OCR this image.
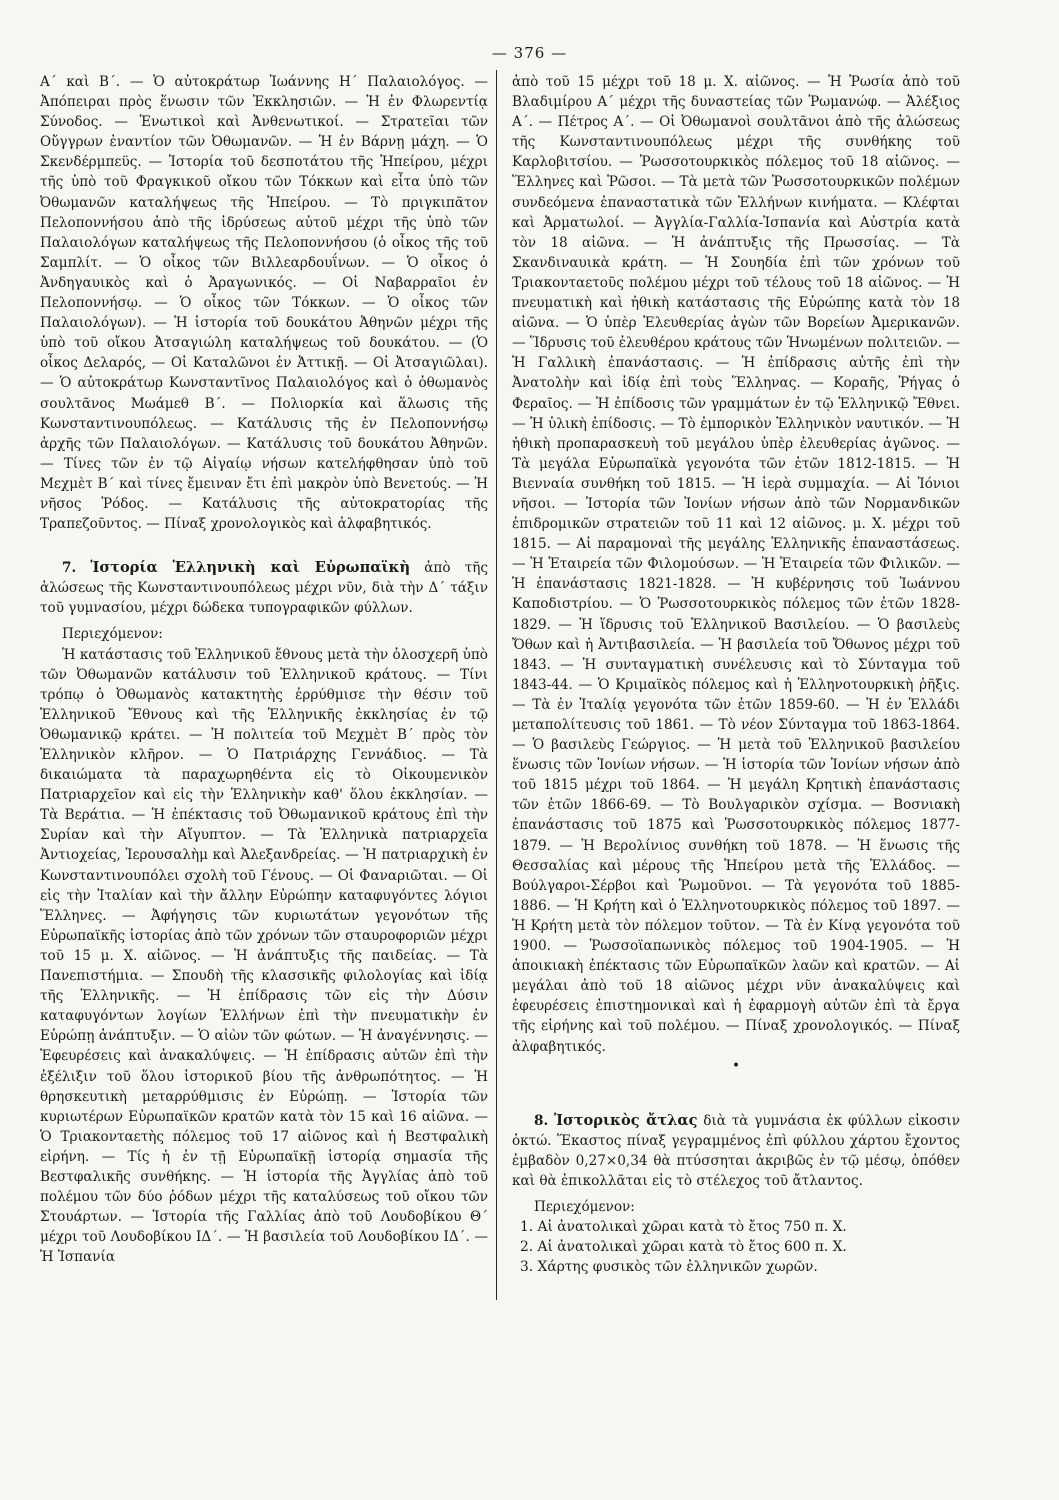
— 376 —

Α΄ καὶ Β΄. — Ὁ αὐτοκράτωρ Ἰωάννης Η΄ Παλαιολόγος. — Ἀπόπειραι πρὸς ἕνωσιν τῶν Ἐκκλησιῶν. — Ἡ ἐν Φλωρεντίᾳ Σύνοδος. — Ἑνωτικοὶ καὶ Ἀνθενωτικοί. — Στρατεῖαι τῶν Οὔγγρων ἐναντίον τῶν Ὀθωμανῶν. — Ἡ ἐν Βάρνῃ μάχη. — Ὁ Σκενδέρμπεϋς. — Ἱστορία τοῦ δεσποτάτου τῆς Ἠπείρου, μέχρι τῆς ὑπὸ τοῦ Φραγκικοῦ οἴκου τῶν Τόκκων καὶ εἶτα ὑπὸ τῶν Ὀθωμανῶν καταλήψεως τῆς Ἠπείρου. — Τὸ πριγκιπᾶτον Πελοποννήσου ἀπὸ τῆς ἱδρύσεως αὐτοῦ μέχρι τῆς ὑπὸ τῶν Παλαιολόγων καταλήψεως τῆς Πελοποννήσου (ὁ οἶκος τῆς τοῦ Σαμπλίτ. — Ὁ οἶκος τῶν Βιλλεαρδουΐνων. — Ὁ οἶκος ὁ Ἀνδηγαυικὸς καὶ ὁ Ἀραγωνικός. — Οἱ Ναβαρραῖοι ἐν Πελοποννήσῳ. — Ὁ οἶκος τῶν Τόκκων. — Ὁ οἶκος τῶν Παλαιολόγων). — Ἡ ἱστορία τοῦ δουκάτου Ἀθηνῶν μέχρι τῆς ὑπὸ τοῦ οἴκου Ἀτσαγιώλη καταλήψεως τοῦ δουκάτου. — (Ὁ οἶκος Δελαρός, — Οἱ Καταλῶνοι ἐν Ἀττικῇ. — Οἱ Ἀτσαγιῶλαι). — Ὁ αὐτοκράτωρ Κωνσταντῖνος Παλαιολόγος καὶ ὁ ὀθωμανὸς σουλτᾶνος Μωάμεθ Β΄. — Πολιορκία καὶ ἅλωσις τῆς Κωνσταντινουπόλεως. — Κατάλυσις τῆς ἐν Πελοποννήσῳ ἀρχῆς τῶν Παλαιολόγων. — Κατάλυσις τοῦ δουκάτου Ἀθηνῶν. — Τίνες τῶν ἐν τῷ Αἰγαίῳ νήσων κατελήφθησαν ὑπὸ τοῦ Μεχμὲτ Β΄ καὶ τίνες ἔμειναν ἔτι ἐπὶ μακρὸν ὑπὸ Βενετούς. — Ἡ νῆσος Ῥόδος. — Κατάλυσις τῆς αὐτοκρατορίας τῆς Τραπεζοῦντος. — Πίναξ χρονολογικὸς καὶ ἀλφαβητικός.

7. Ἱστορία Ἑλληνικὴ καὶ Εὐρωπαϊκὴ ἀπὸ τῆς ἁλώσεως τῆς Κωνσταντινουπόλεως μέχρι νῦν, διὰ τὴν Δ΄ τάξιν τοῦ γυμνασίου, μέχρι δώδεκα τυπογραφικῶν φύλλων.

Περιεχόμενον:

Ἡ κατάστασις τοῦ Ἑλληνικοῦ ἔθνους μετὰ τὴν ὁλοσχερῆ ὑπὸ τῶν Ὀθωμανῶν κατάλυσιν τοῦ Ἑλληνικοῦ κράτους. — Τίνι τρόπῳ ὁ Ὀθωμανὸς κατακτητὴς ἐρρύθμισε τὴν θέσιν τοῦ Ἑλληνικοῦ Ἔθνους καὶ τῆς Ἑλληνικῆς ἐκκλησίας ἐν τῷ Ὀθωμανικῷ κράτει. — Ἡ πολιτεία τοῦ Μεχμὲτ Β΄ πρὸς τὸν Ἑλληνικὸν κλῆρον. — Ὁ Πατριάρχης Γεννάδιος. — Τὰ δικαιώματα τὰ παραχωρηθέντα εἰς τὸ Οἰκουμενικὸν Πατριαρχεῖον καὶ εἰς τὴν Ἑλληνικὴν καθ' ὅλου ἐκκλησίαν. — Τὰ Βεράτια. — Ἡ ἐπέκτασις τοῦ Ὀθωμανικοῦ κράτους ἐπὶ τὴν Συρίαν καὶ τὴν Αἴγυπτον. — Τὰ Ἑλληνικὰ πατριαρχεῖα Ἀντιοχείας, Ἱερουσαλὴμ καὶ Ἀλεξανδρείας. — Ἡ πατριαρχικὴ ἐν Κωνσταντινουπόλει σχολὴ τοῦ Γένους. — Οἱ Φαναριῶται. — Οἱ εἰς τὴν Ἰταλίαν καὶ τὴν ἄλλην Εὐρώπην καταφυγόντες λόγιοι Ἕλληνες. — Ἀφήγησις τῶν κυριωτάτων γεγονότων τῆς Εὐρωπαϊκῆς ἱστορίας ἀπὸ τῶν χρόνων τῶν σταυροφοριῶν μέχρι τοῦ 15 μ. Χ. αἰῶνος. — Ἡ ἀνάπτυξις τῆς παιδείας. — Τὰ Πανεπιστήμια. — Σπουδὴ τῆς κλασσικῆς φιλολογίας καὶ ἰδίᾳ τῆς Ἑλληνικῆς. — Ἡ ἐπίδρασις τῶν εἰς τὴν Δύσιν καταφυγόντων λογίων Ἑλλήνων ἐπὶ τὴν πνευματικὴν ἐν Εὐρώπῃ ἀνάπτυξιν. — Ὁ αἰὼν τῶν φώτων. — Ἡ ἀναγέννησις. — Ἐφευρέσεις καὶ ἀνακαλύψεις. — Ἡ ἐπίδρασις αὐτῶν ἐπὶ τὴν ἐξέλιξιν τοῦ ὅλου ἱστορικοῦ βίου τῆς ἀνθρωπότητος. — Ἡ θρησκευτικὴ μεταρρύθμισις ἐν Εὐρώπῃ. — Ἱστορία τῶν κυριωτέρων Εὐρωπαϊκῶν κρατῶν κατὰ τὸν 15 καὶ 16 αἰῶνα. — Ὁ Τριακονταετὴς πόλεμος τοῦ 17 αἰῶνος καὶ ἡ Βεστφαλικὴ εἰρήνη. — Τίς ἡ ἐν τῇ Εὐρωπαϊκῇ ἱστορίᾳ σημασία τῆς Βεστφαλικῆς συνθήκης. — Ἡ ἱστορία τῆς Ἀγγλίας ἀπὸ τοῦ πολέμου τῶν δύο ῥόδων μέχρι τῆς καταλύσεως τοῦ οἴκου τῶν Στουάρτων. — Ἱστορία τῆς Γαλλίας ἀπὸ τοῦ Λουδοβίκου Θ΄ μέχρι τοῦ Λουδοβίκου ΙΔ΄. — Ἡ βασιλεία τοῦ Λουδοβίκου ΙΔ΄. — Ἡ Ἰσπανία

ἀπὸ τοῦ 15 μέχρι τοῦ 18 μ. Χ. αἰῶνος. — Ἡ Ῥωσία ἀπὸ τοῦ Βλαδιμίρου Α΄ μέχρι τῆς δυναστείας τῶν Ῥωμανώφ. — Ἀλέξιος Α΄. — Πέτρος Α΄. — Οἱ Ὀθωμανοὶ σουλτᾶνοι ἀπὸ τῆς ἁλώσεως τῆς Κωνσταντινουπόλεως μέχρι τῆς συνθήκης τοῦ Καρλοβιτσίου. — Ῥωσσοτουρκικὸς πόλεμος τοῦ 18 αἰῶνος. — Ἕλληνες καὶ Ῥῶσοι. — Τὰ μετὰ τῶν Ῥωσσοτουρκικῶν πολέμων συνδεόμενα ἐπαναστατικὰ τῶν Ἑλλήνων κινήματα. — Κλέφται καὶ Ἀρματωλοί. — Ἀγγλία-Γαλλία-Ἱσπανία καὶ Αὐστρία κατὰ τὸν 18 αἰῶνα. — Ἡ ἀνάπτυξις τῆς Πρωσσίας. — Τὰ Σκανδιναυικὰ κράτη. — Ἡ Σουηδία ἐπὶ τῶν χρόνων τοῦ Τριακονταετοῦς πολέμου μέχρι τοῦ τέλους τοῦ 18 αἰῶνος. — Ἡ πνευματικὴ καὶ ἠθικὴ κατάστασις τῆς Εὐρώπης κατὰ τὸν 18 αἰῶνα. — Ὁ ὑπὲρ Ἐλευθερίας ἀγὼν τῶν Βορείων Ἀμερικανῶν. — Ἵδρυσις τοῦ ἐλευθέρου κράτους τῶν Ἡνωμένων πολιτειῶν. — Ἡ Γαλλικὴ ἐπανάστασις. — Ἡ ἐπίδρασις αὐτῆς ἐπὶ τὴν Ἀνατολὴν καὶ ἰδίᾳ ἐπὶ τοὺς Ἕλληνας. — Κοραῆς, Ῥήγας ὁ Φεραῖος. — Ἡ ἐπίδοσις τῶν γραμμάτων ἐν τῷ Ἑλληνικῷ Ἔθνει. — Ἡ ὑλικὴ ἐπίδοσις. — Τὸ ἐμπορικὸν Ἑλληνικὸν ναυτικόν. — Ἡ ἠθικὴ προπαρασκευὴ τοῦ μεγάλου ὑπὲρ ἐλευθερίας ἀγῶνος. — Τὰ μεγάλα Εὐρωπαϊκὰ γεγονότα τῶν ἐτῶν 1812-1815. — Ἡ Βιενναία συνθήκη τοῦ 1815. — Ἡ ἱερὰ συμμαχία. — Αἱ Ἰόνιοι νῆσοι. — Ἱστορία τῶν Ἰονίων νήσων ἀπὸ τῶν Νορμανδικῶν ἐπιδρομικῶν στρατειῶν τοῦ 11 καὶ 12 αἰῶνος. μ. Χ. μέχρι τοῦ 1815. — Αἱ παραμοναὶ τῆς μεγάλης Ἑλληνικῆς ἐπαναστάσεως. — Ἡ Ἑταιρεία τῶν Φιλομούσων. — Ἡ Ἑταιρεία τῶν Φιλικῶν. — Ἡ ἐπανάστασις 1821-1828. — Ἡ κυβέρνησις τοῦ Ἰωάννου Καποδιστρίου. — Ὁ Ῥωσσοτουρκικὸς πόλεμος τῶν ἐτῶν 1828-1829. — Ἡ ἵδρυσις τοῦ Ἑλληνικοῦ Βασιλείου. — Ὁ βασιλεὺς Ὄθων καὶ ἡ Ἀντιβασιλεία. — Ἡ βασιλεία τοῦ Ὄθωνος μέχρι τοῦ 1843. — Ἡ συνταγματικὴ συνέλευσις καὶ τὸ Σύνταγμα τοῦ 1843-44. — Ὁ Κριμαϊκὸς πόλεμος καὶ ἡ Ἑλληνοτουρκικὴ ῥῆξις. — Τὰ ἐν Ἰταλίᾳ γεγονότα τῶν ἐτῶν 1859-60. — Ἡ ἐν Ἑλλάδι μεταπολίτευσις τοῦ 1861. — Τὸ νέον Σύνταγμα τοῦ 1863-1864. — Ὁ βασιλεὺς Γεώργιος. — Ἡ μετὰ τοῦ Ἑλληνικοῦ βασιλείου ἕνωσις τῶν Ἰονίων νήσων. — Ἡ ἱστορία τῶν Ἰονίων νήσων ἀπὸ τοῦ 1815 μέχρι τοῦ 1864. — Ἡ μεγάλη Κρητικὴ ἐπανάστασις τῶν ἐτῶν 1866-69. — Τὸ Βουλγαρικὸν σχίσμα. — Βοσνιακὴ ἐπανάστασις τοῦ 1875 καὶ Ῥωσσοτουρκικὸς πόλεμος 1877-1879. — Ἡ Βερολίνιος συνθήκη τοῦ 1878. — Ἡ ἕνωσις τῆς Θεσσαλίας καὶ μέρους τῆς Ἠπείρου μετὰ τῆς Ἑλλάδος. — Βούλγαροι-Σέρβοι καὶ Ῥωμοῦνοι. — Τὰ γεγονότα τοῦ 1885-1886. — Ἡ Κρήτη καὶ ὁ Ἑλληνοτουρκικὸς πόλεμος τοῦ 1897. — Ἡ Κρήτη μετὰ τὸν πόλεμον τοῦτον. — Τὰ ἐν Κίνᾳ γεγονότα τοῦ 1900. — Ῥωσσοϊαπωνικὸς πόλεμος τοῦ 1904-1905. — Ἡ ἀποικιακὴ ἐπέκτασις τῶν Εὐρωπαϊκῶν λαῶν καὶ κρατῶν. — Αἱ μεγάλαι ἀπὸ τοῦ 18 αἰῶνος μέχρι νῦν ἀνακαλύψεις καὶ ἐφευρέσεις ἐπιστημονικαὶ καὶ ἡ ἐφαρμογὴ αὐτῶν ἐπὶ τὰ ἔργα τῆς εἰρήνης καὶ τοῦ πολέμου. — Πίναξ χρονολογικός. — Πίναξ ἀλφαβητικός.

•

8. Ἱστορικὸς ἄτλας διὰ τὰ γυμνάσια ἐκ φύλλων εἰκοσιν ὀκτώ. Ἕκαστος πίναξ γεγραμμένος ἐπὶ φύλλου χάρτου ἔχοντος ἐμβαδὸν 0,27×0,34 θὰ πτύσσηται ἀκριβῶς ἐν τῷ μέσῳ, ὁπόθεν καὶ θὰ ἐπικολλᾶται εἰς τὸ στέλεχος τοῦ ἄτλαντος.

Περιεχόμενον:

1. Αἱ ἀνατολικαὶ χῶραι κατὰ τὸ ἔτος 750 π. Χ.

2. Αἱ ἀνατολικαὶ χῶραι κατὰ τὸ ἔτος 600 π. Χ.

3. Χάρτης φυσικὸς τῶν ἑλληνικῶν χωρῶν.
